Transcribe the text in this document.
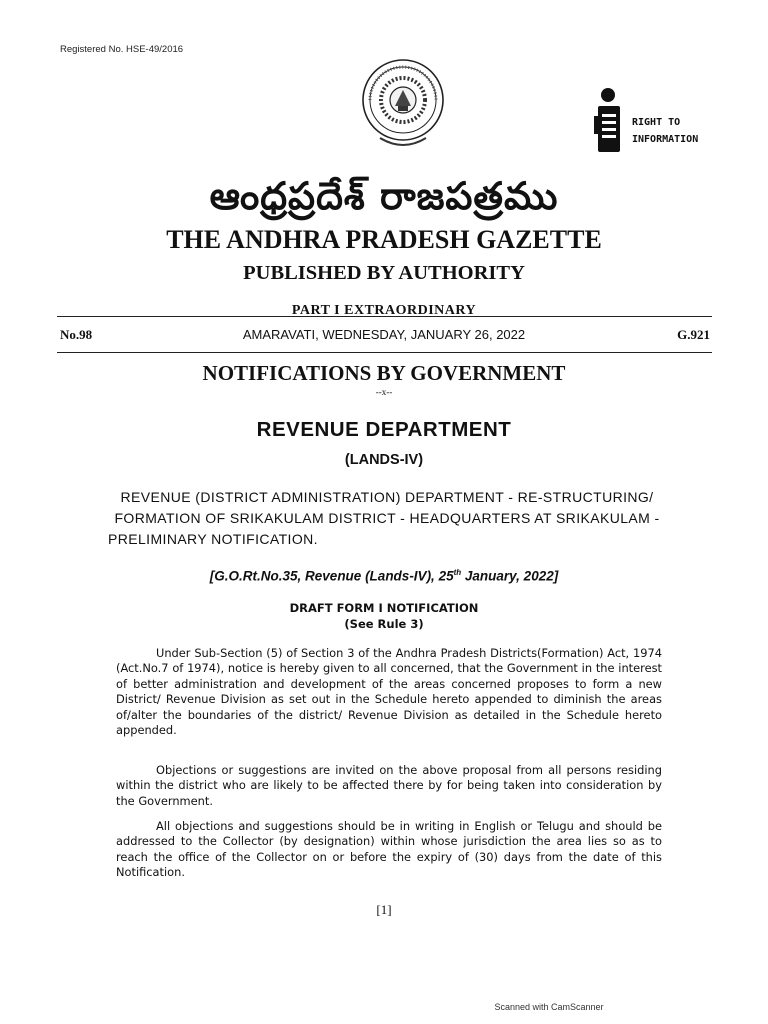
Registered No. HSE-49/2016
RIGHT TO
INFORMATION
ఆంధ్రప్రదేశ్ రాజపత్రము
THE ANDHRA PRADESH GAZETTE
PUBLISHED BY AUTHORITY
PART I EXTRAORDINARY
No.98	AMARAVATI, WEDNESDAY, JANUARY 26, 2022	G.921
NOTIFICATIONS BY GOVERNMENT
--x--
REVENUE DEPARTMENT
(LANDS-IV)
REVENUE (DISTRICT ADMINISTRATION) DEPARTMENT - RE-STRUCTURING/
FORMATION OF SRIKAKULAM DISTRICT - HEADQUARTERS AT SRIKAKULAM -
PRELIMINARY NOTIFICATION.
[G.O.Rt.No.35, Revenue (Lands-IV), 25th January, 2022]
DRAFT FORM I NOTIFICATION
(See Rule 3)
Under Sub-Section (5) of Section 3 of the Andhra Pradesh Districts(Formation) Act, 1974 (Act.No.7 of 1974), notice is hereby given to all concerned, that the Government in the interest of better administration and development of the areas concerned proposes to form a new District/ Revenue Division as set out in the Schedule hereto appended to diminish the areas of/alter the boundaries of the district/ Revenue Division as detailed in the Schedule hereto appended.
Objections or suggestions are invited on the above proposal from all persons residing within the district who are likely to be affected there by for being taken into consideration by the Government.
All objections and suggestions should be in writing in English or Telugu and should be addressed to the Collector (by designation) within whose jurisdiction the area lies so as to reach the office of the Collector on or before the expiry of (30) days from the date of this Notification.
[1]
Scanned with CamScanner
